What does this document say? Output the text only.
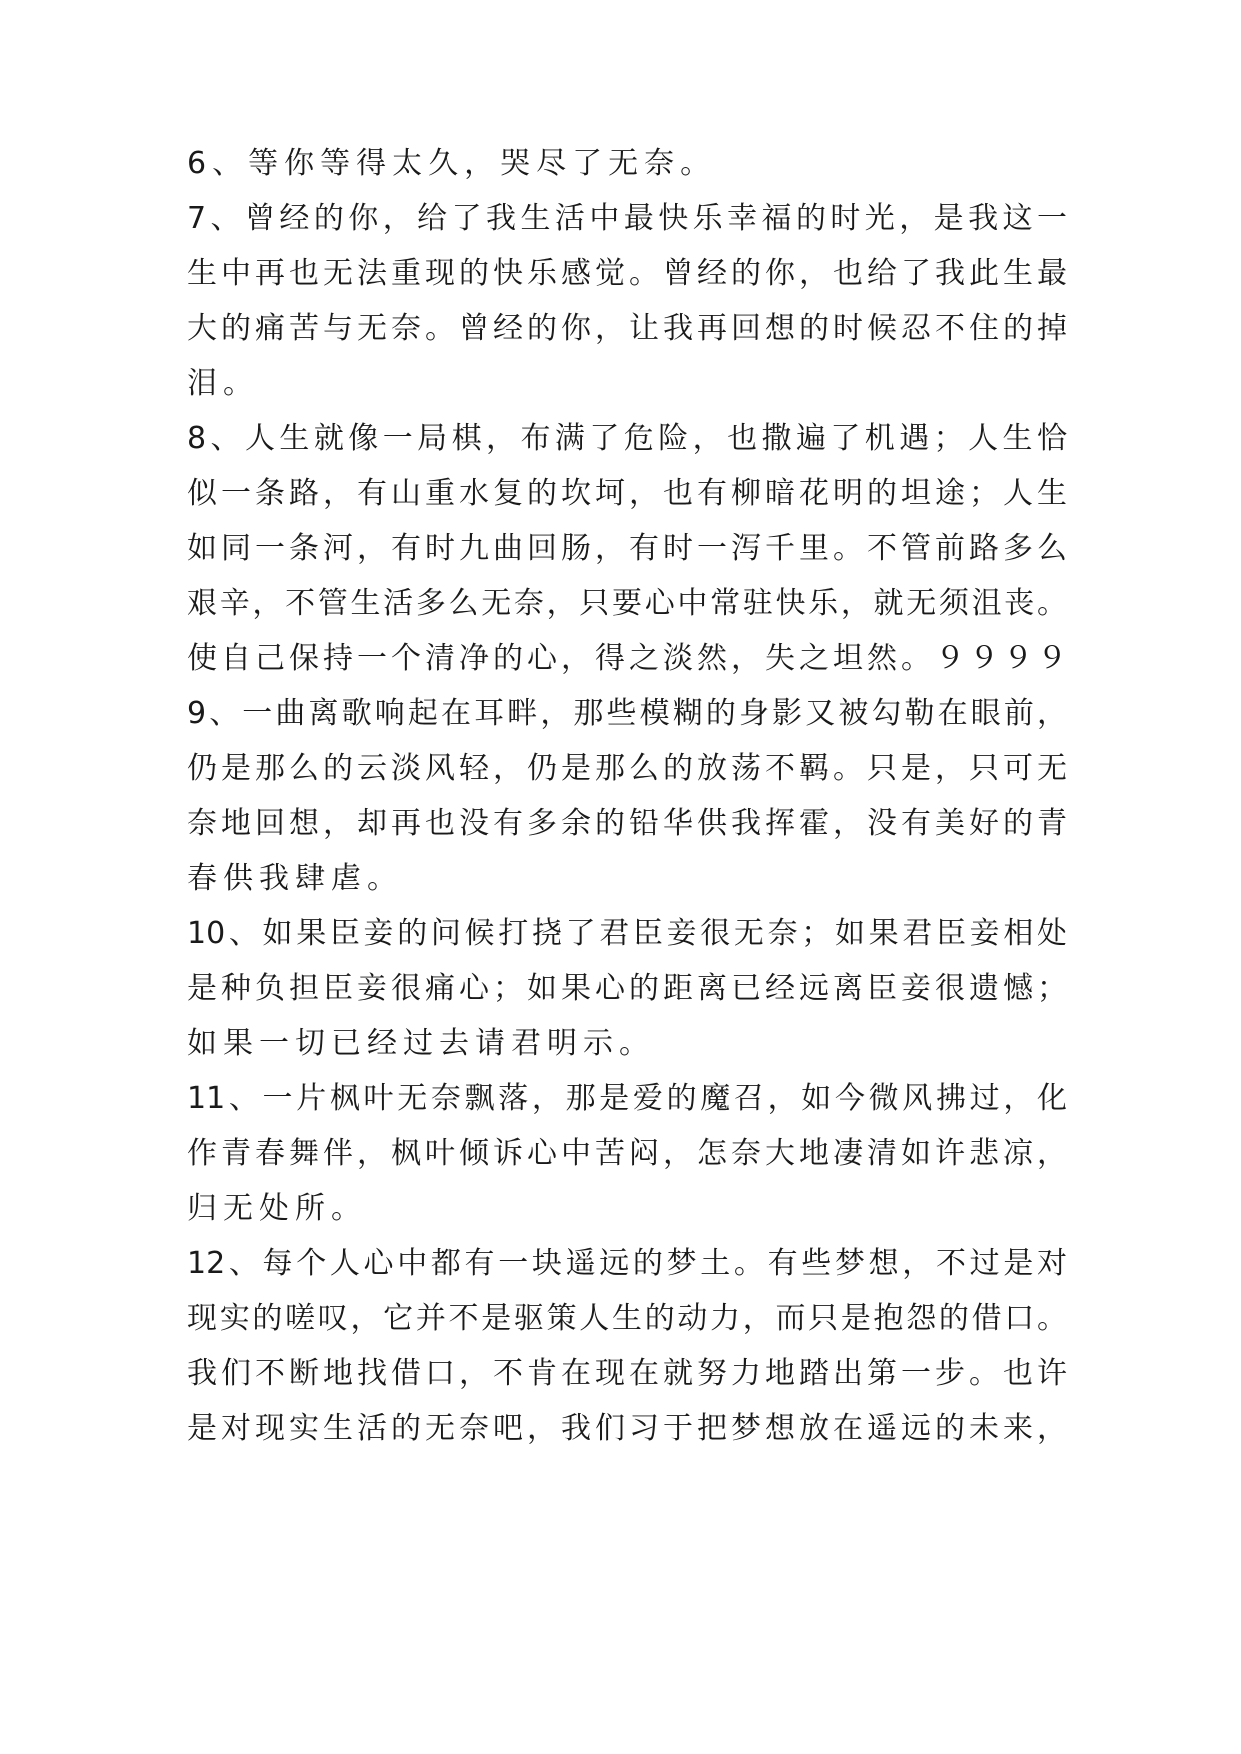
6、等你等得太久，哭尽了无奈。
7、曾经的你，给了我生活中最快乐幸福的时光，是我这一
生中再也无法重现的快乐感觉。曾经的你，也给了我此生最
大的痛苦与无奈。曾经的你，让我再回想的时候忍不住的掉
泪。
8、人生就像一局棋，布满了危险，也撒遍了机遇；人生恰
似一条路，有山重水复的坎坷，也有柳暗花明的坦途；人生
如同一条河，有时九曲回肠，有时一泻千里。不管前路多么
艰辛，不管生活多么无奈，只要心中常驻快乐，就无须沮丧。
使自己保持一个清净的心，得之淡然，失之坦然。９９９９
9、一曲离歌响起在耳畔，那些模糊的身影又被勾勒在眼前，
仍是那么的云淡风轻，仍是那么的放荡不羁。只是，只可无
奈地回想，却再也没有多余的铅华供我挥霍，没有美好的青
春供我肆虐。
10、如果臣妾的问候打挠了君臣妾很无奈；如果君臣妾相处
是种负担臣妾很痛心；如果心的距离已经远离臣妾很遗憾；
如果一切已经过去请君明示。
11、一片枫叶无奈飘落，那是爱的魔召，如今微风拂过，化
作青春舞伴，枫叶倾诉心中苦闷，怎奈大地凄清如许悲凉，
归无处所。
12、每个人心中都有一块遥远的梦土。有些梦想，不过是对
现实的嗟叹，它并不是驱策人生的动力，而只是抱怨的借口。
我们不断地找借口，不肯在现在就努力地踏出第一步。也许
是对现实生活的无奈吧，我们习于把梦想放在遥远的未来，
